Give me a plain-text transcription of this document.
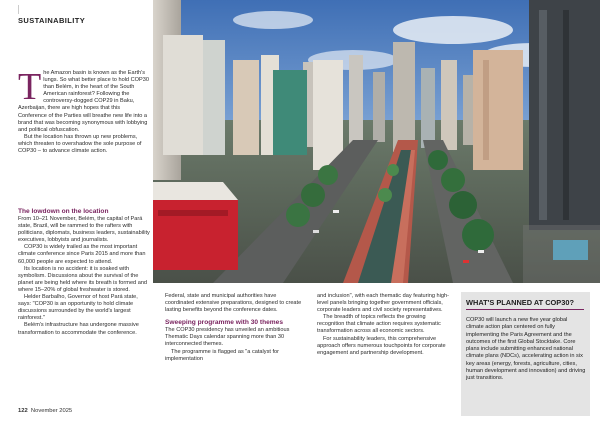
SUSTAINABILITY
T he Amazon basin is known as the Earth's lungs. So what better place to hold COP30 than Belém, in the heart of the South American rainforest? Following the controversy-dogged COP29 in Baku, Azerbaijan, there are high hopes that this Conference of the Parties will breathe new life into a brand that was becoming synonymous with lobbying and political obfuscation.

But the location has thrown up new problems, which threaten to overshadow the sole purpose of COP30 – to advance climate action.

The lowdown on the location

From 10–21 November, Belém, the capital of Pará state, Brazil, will be rammed to the rafters with politicians, diplomats, business leaders, sustainability executives, lobbyists and journalists.

COP30 is widely trailed as the most important climate conference since Paris 2015 and more than 60,000 people are expected to attend.

Its location is no accident: it is soaked with symbolism. Discussions about the survival of the planet are being held where its breath is formed and where 15–20% of global freshwater is stored.

Helder Barbalho, Governor of host Pará state, says: "COP30 is an opportunity to hold climate discussions surrounded by the world's largest rainforest."

Belém's infrastructure has undergone massive transformation to accommodate the conference.

Federal, state and municipal authorities have coordinated extensive preparations, designed to create lasting benefits beyond the conference dates.

Sweeping programme with 30 themes

The COP30 presidency has unveiled an ambitious Thematic Days calendar spanning more than 30 interconnected themes.

The programme is flagged as "a catalyst for implementation

and inclusion", with each thematic day featuring high-level panels bringing together government officials, corporate leaders and civil society representatives.

The breadth of topics reflects the growing recognition that climate action requires systematic transformation across all economic sectors.

For sustainability leaders, this comprehensive approach offers numerous touchpoints for corporate engagement and partnership development.

WHAT'S PLANNED AT COP30?
COP30 will launch a new five year global climate action plan centered on fully implementing the Paris Agreement and the outcomes of the first Global Stocktake. Core plans include submitting enhanced national climate plans (NDCs), accelerating action in six key areas (energy, forests, agriculture, cities, human development and innovation) and driving just transitions.
122 November 2025
